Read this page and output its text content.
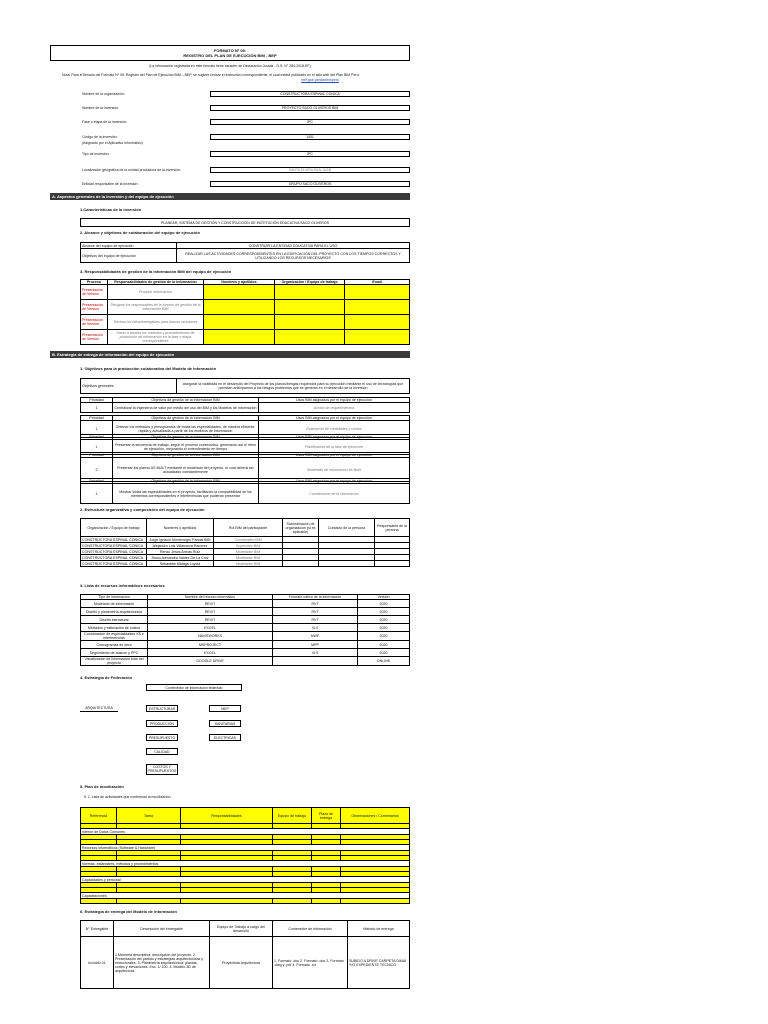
FORMATO Nº 05:
REGISTRO DEL PLAN DE EJECUCIÓN BIM - BEP
(La información registrada en este formato tiene carácter de Declaración Jurada - D.S. N° 284-2018-EF)
Nota: Para el llenado del Formato Nº 05: Registro del Plan de Ejecución BIM – BEP, se sugiere revisar el Instructivo correspondiente, el cual estará publicado en el sitio web del Plan BIM Perú:
mef.gob.pe/planbimperu
Nombre de la organización:	CONSTRUCTORA ESPINAL CONICA
Nombre de la inversión:	PROYECTO SACO OLIVEROS BIM
Fase o etapa de la inversión:	IPC
Código de la inversión:
(Asignado por el Aplicativo Informático)
1401
Tipo de inversión:	IPC
Localización geográfica de la unidad productora de la inversión:	SANTA ELVIRA SAN JUAN
Entidad responsable de la inversión:	GRUPO SACO OLIVEROS
A. Aspectos generales de la inversión y del equipo de ejecución
1.Características de la inversión
PLANEAR, SISTEMA DE GESTIÓN Y CONSTRUCCIÓN DE INSTITUCIÓN EDUCATIVA SACO OLIVEROS
2. Alcance y objetivos de colaboración del equipo de ejecución
Alcance del equipo de ejecución	CONSTRUIR LA ENTIDAD EDUCATIVA PARA EL USO
Objetivos del equipo de ejecución	REALIZAR LAS ACTIVIDADES CORRESPONDIENTES EN LA EDIFICACIÓN DEL PROYECTO CON LOS TIEMPOS CORRECTOS Y UTILIZANDO LOS RECURSOS NECESARIOS
3. Responsabilidades de gestión de la información BIM del equipo de ejecución
Proceso	Responsabilidades de gestión de la información	Nombres y apellidos	Organización / Equipo de trabajo	Email
Presentación de Versión	Producir información			
Presentación de Versión	Designar los responsables de la función de gestión de la información BIM			
Presentación de Versión	Revisar los hitos/entregables para futuras revisiones			
Presentación de Versión	Hacer a prueba los métodos y procedimientos de producción de información en la fase o etapa correspondiente			
B. Estrategia de entrega de información del equipo de ejecución
1. Objetivos para la producción colaborativa del Modelo de información
Objetivos generales	Asegurar la viabilidad en el desarrollo del Proyecto de los planos/bimgas requeridos para su ejecución mediante el uso de tecnologías que permitan anticiparnos a los riesgos problemas que se generan en el desarrollo de la inversión
Prioridad	Objetivos de gestión de la información BIM	Usos BIM asignados por el equipo de ejecución
1	Centralizar la ingeniería de valor por medio del uso del BIM y los Modelos de información	Acción de requerimientos
Prioridad	Objetivos de gestión de la información BIM	Usos BIM asignados por el equipo de ejecución
1	Obtener los metrados y presupuestos de todas las especialidades, de manera eficiente, rápida y actualizada a partir de los modelos de información	Estimación de cantidades y costos
Prioridad	Objetivos de gestión de la información BIM	Usos BIM asignados por el equipo de ejecución
1	Presentar la secuencia de trabajo, según el proceso constructivo, generando así el ritmo de ejecución, mejorando el entendimiento en tiempo	Planificación de la fase de ejecución
Prioridad	Objetivos de gestión de la información BIM	Usos BIM asignados por el equipo de ejecución
2	Presentar los planos AS BUILT mediante el modelado del proyecto, el cual deberá ser actualizado constantemente	Modelado de información As Built
Prioridad	Objetivos de gestión de la información BIM	Usos BIM asignados por el equipo de ejecución
1	Mostrar todas las especialidades en el proyecto, facilitando la compatibilidad de los elementos correspondientes e interferencias que pudieran presentar	Coordinación de la información
2. Estructura organizativa y composición del equipo de ejecución
Organización / Equipo de trabajo	Nombres y apellidos	Rol BIM del participante	Subordinación de organización (si es aplicable)	Contacto de la persona	Responsable de la persona
CONSTRUCTORA ESPINAL CONICA	Jorge Ignacio Montenegro Parcial BIM	Coordinador BIM			
CONSTRUCTORA ESPINAL CONICA	Alejandro Luis Villanueva Ramírez	Supervisor BIM			
CONSTRUCTORA ESPINAL CONICA	Renzo Jesús Armas Ruiz	Modelador BIM			
CONSTRUCTORA ESPINAL CONICA	Jhosu Alexandra Valdéz De La Cruz	Modelador BIM			
CONSTRUCTORA ESPINAL CONICA	Sebastián Málaga Loyola	Modelador BIM			
3. Lista de recursos informáticos necesarios
Tipo de información	Nombre del recurso informático	Formato nativo de la información	Versión
Modelado de información	REVIT	RVT	2020
Diseño y planimetría arquitectónica	REVIT	RVT	2020
Diseño estructural	REVIT	RVT	2020
Metrados y estimación de costos	EXCEL	XLS	2020
Coordinación de especialidades XS e interferencias	NAVISWORKS	NWF	2020
Cronogramas de obra	MSPROJECT	MPP	2020
Seguimiento de avance y PPC	EXCEL	XLS	2020
Visualización de información total del proyecto	GOOGLE DRIVE	-	ONLINE
4. Estrategia de Federación
Contenedor de información federado
ARQUITECTURA	ESTRUCTURAS	MEP
PRODUCCIÓN	SANITARIAS
PRESUPUESTO	ELÉCTRICAS
CALIDAD
COSTOS Y PRESUPUESTOS
5. Plan de movilización
5. 1. Lista de actividades que conforman la movilización
Referencia	Tarea	Responsabilidades	Equipo de trabajo	Plazo de entrega	Observaciones / Comentarios

Interior de Datos Comunes					

Recursos informáticos (Software & Hardware)					

Normas, estándares, métodos y procedimientos					

Capacidades y personal					

Capacitaciones					

6. Estrategia de entrega del Modelo de información
N° Entregable	Descripción del entregable	Equipo de Trabajo a cargo del desarrollo	Contenedor de información	Método de entrega
Incluido 01	1.Memoria descriptiva: descripción del proyecto. 2. Presentación del partido y estrategias arquitectónicas y estructurales. 3. Planimetría arquitectónica: plantas, cortes y elevaciones. Esc. 1/ 100. 4. Modelo 3D de arquitectura.	Proyectista Arquitectura	1. Formato .doc 2. Formato .doc 3. Formato .dwg y .pdf 4. Formato .rvt	SUBIDO A DRIVE CARPETA DIMAI Y/O EXPEDIENTE TECNICO
